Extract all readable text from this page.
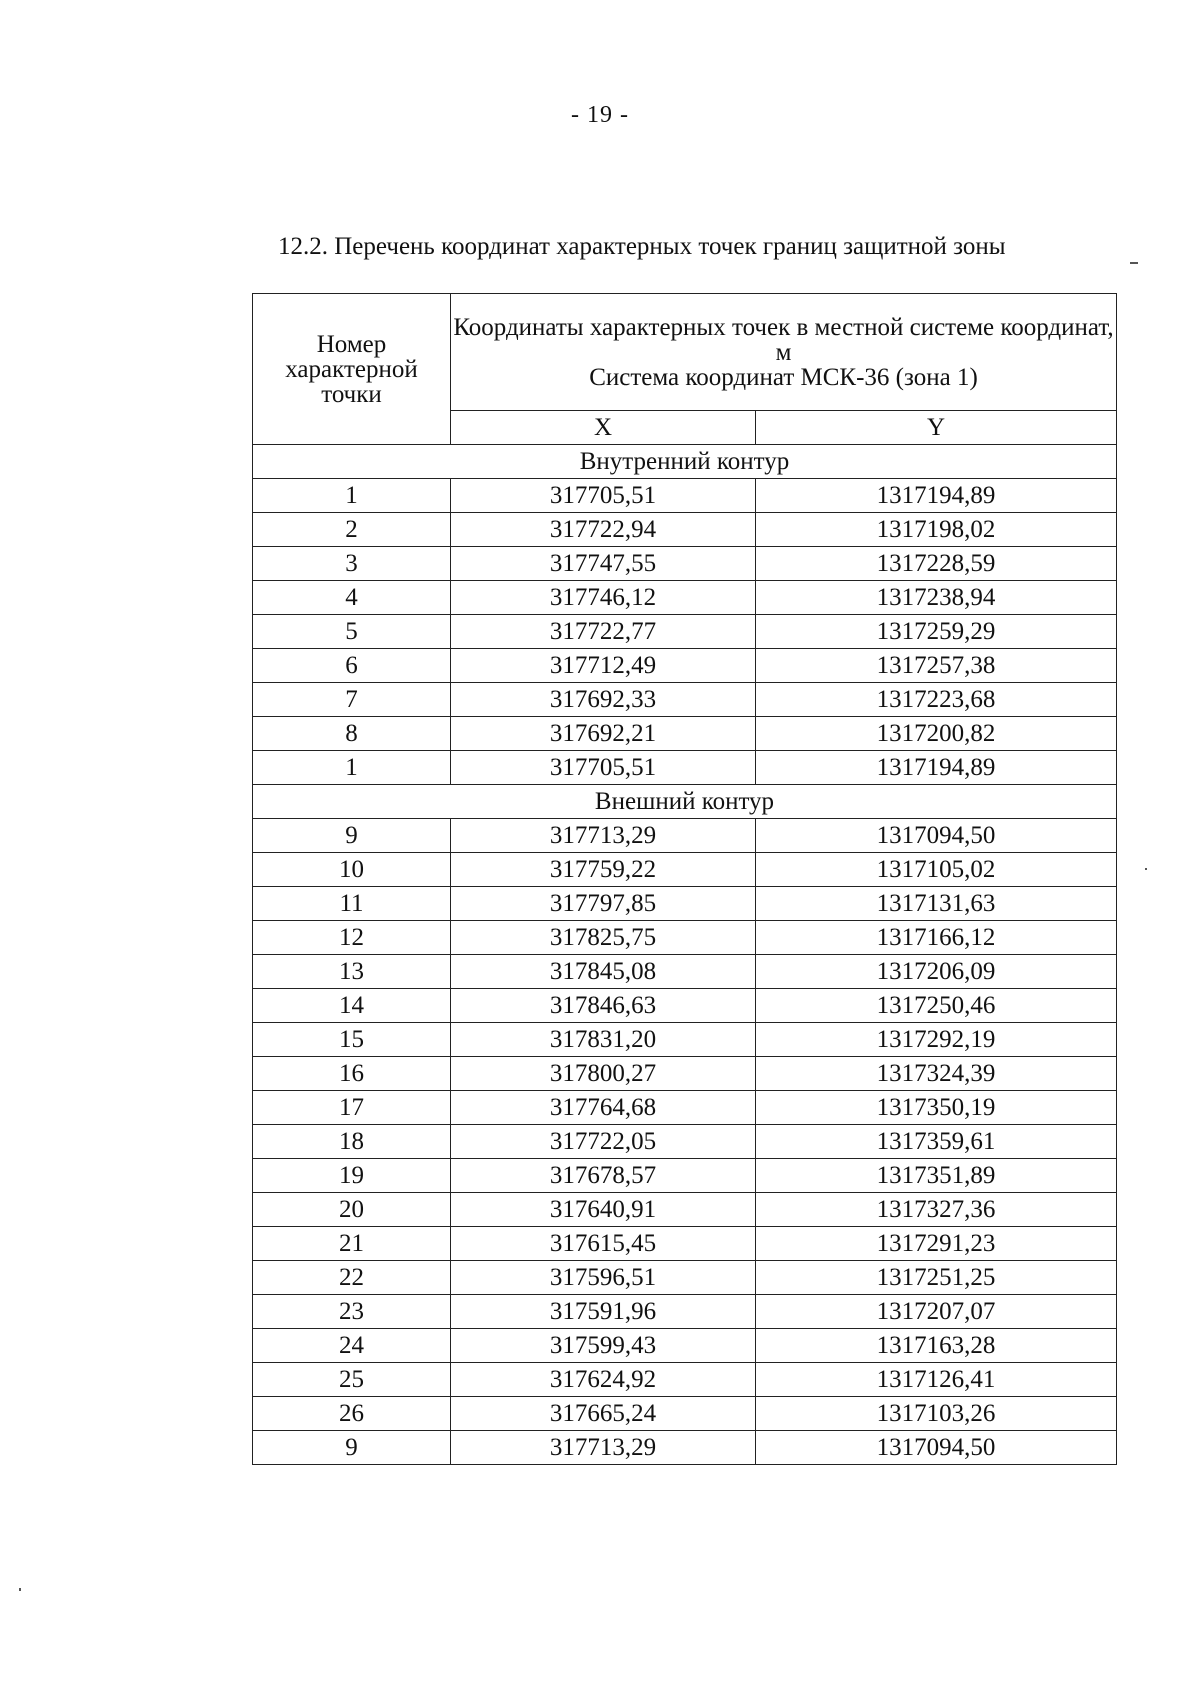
- 19 -
12.2. Перечень координат характерных точек границ защитной зоны
Номер характерной точки	Координаты характерных точек в местной системе координат, м
Система координат МСК-36 (зона 1)	
	X	Y
Внутренний контур		
1	317705,51	1317194,89
2	317722,94	1317198,02
3	317747,55	1317228,59
4	317746,12	1317238,94
5	317722,77	1317259,29
6	317712,49	1317257,38
7	317692,33	1317223,68
8	317692,21	1317200,82
1	317705,51	1317194,89
Внешний контур		
9	317713,29	1317094,50
10	317759,22	1317105,02
11	317797,85	1317131,63
12	317825,75	1317166,12
13	317845,08	1317206,09
14	317846,63	1317250,46
15	317831,20	1317292,19
16	317800,27	1317324,39
17	317764,68	1317350,19
18	317722,05	1317359,61
19	317678,57	1317351,89
20	317640,91	1317327,36
21	317615,45	1317291,23
22	317596,51	1317251,25
23	317591,96	1317207,07
24	317599,43	1317163,28
25	317624,92	1317126,41
26	317665,24	1317103,26
9	317713,29	1317094,50
